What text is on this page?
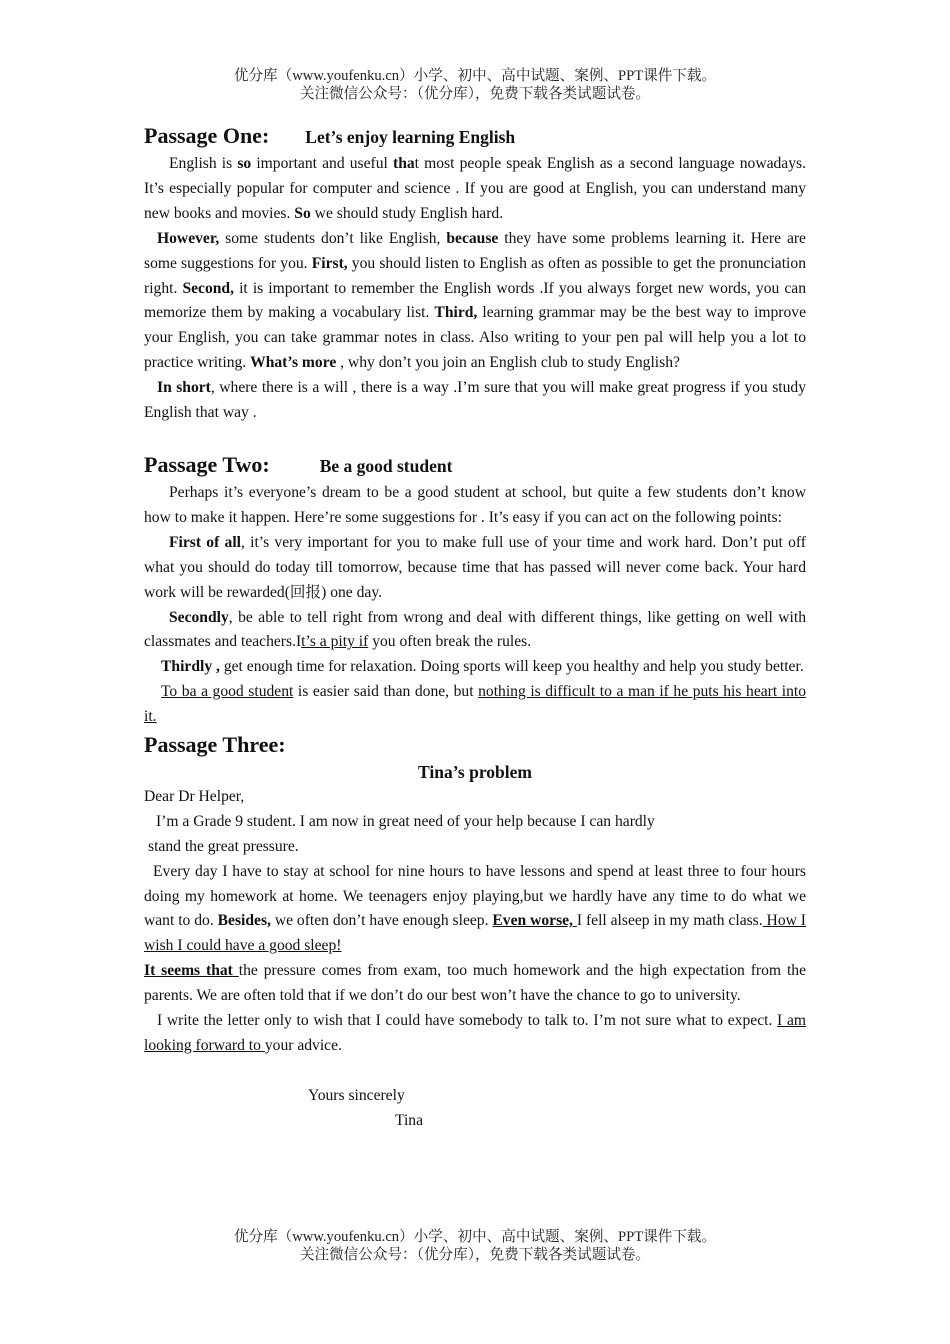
优分库（www.youfenku.cn）小学、初中、高中试题、案例、PPT课件下载。
关注微信公众号：（优分库），免费下载各类试题试卷。
Passage One: Let’s enjoy learning English

English is so important and useful that most people speak English as a second language nowadays. It’s especially popular for computer and science . If you are good at English, you can understand many new books and movies. So we should study English hard.

However, some students don’t like English, because they have some problems learning it. Here are some suggestions for you. First, you should listen to English as often as possible to get the pronunciation right. Second, it is important to remember the English words .If you always forget new words, you can memorize them by making a vocabulary list. Third, learning grammar may be the best way to improve your English, you can take grammar notes in class. Also writing to your pen pal will help you a lot to practice writing. What’s more , why don’t you join an English club to study English?

In short, where there is a will , there is a way .I’m sure that you will make great progress if you study English that way .

Passage Two:	Be a good student

Perhaps it’s everyone’s dream to be a good student at school, but quite a few students don’t know how to make it happen. Here’re some suggestions for . It’s easy if you can act on the following points:

First of all, it’s very important for you to make full use of your time and work hard. Don’t put off what you should do today till tomorrow, because time that has passed will never come back. Your hard work will be rewarded(回报) one day.

Secondly, be able to tell right from wrong and deal with different things, like getting on well with classmates and teachers.It’s a pity if you often break the rules.

Thirdly , get enough time for relaxation. Doing sports will keep you healthy and help you study better.

To ba a good student is easier said than done, but nothing is difficult to a man if he puts his heart into it.

Passage Three:
Tina’s problem

Dear Dr Helper,

I’m a Grade 9 student. I am now in great need of your help because I can hardly

stand the great pressure.

Every day I have to stay at school for nine hours to have lessons and spend at least three to four hours doing my homework at home. We teenagers enjoy playing,but we hardly have any time to do what we want to do. Besides, we often don’t have enough sleep. Even worse, I fell alseep in my math class. How I wish I could have a good sleep!

It seems that the pressure comes from exam, too much homework and the high expectation from the parents. We are often told that if we don’t do our best won’t have the chance to go to university.

I write the letter only to wish that I could have somebody to talk to. I’m not sure what to expect. I am looking forward to your advice.

Yours sincerely

Tina

优分库（www.youfenku.cn）小学、初中、高中试题、案例、PPT课件下载。
关注微信公众号：（优分库），免费下载各类试题试卷。
